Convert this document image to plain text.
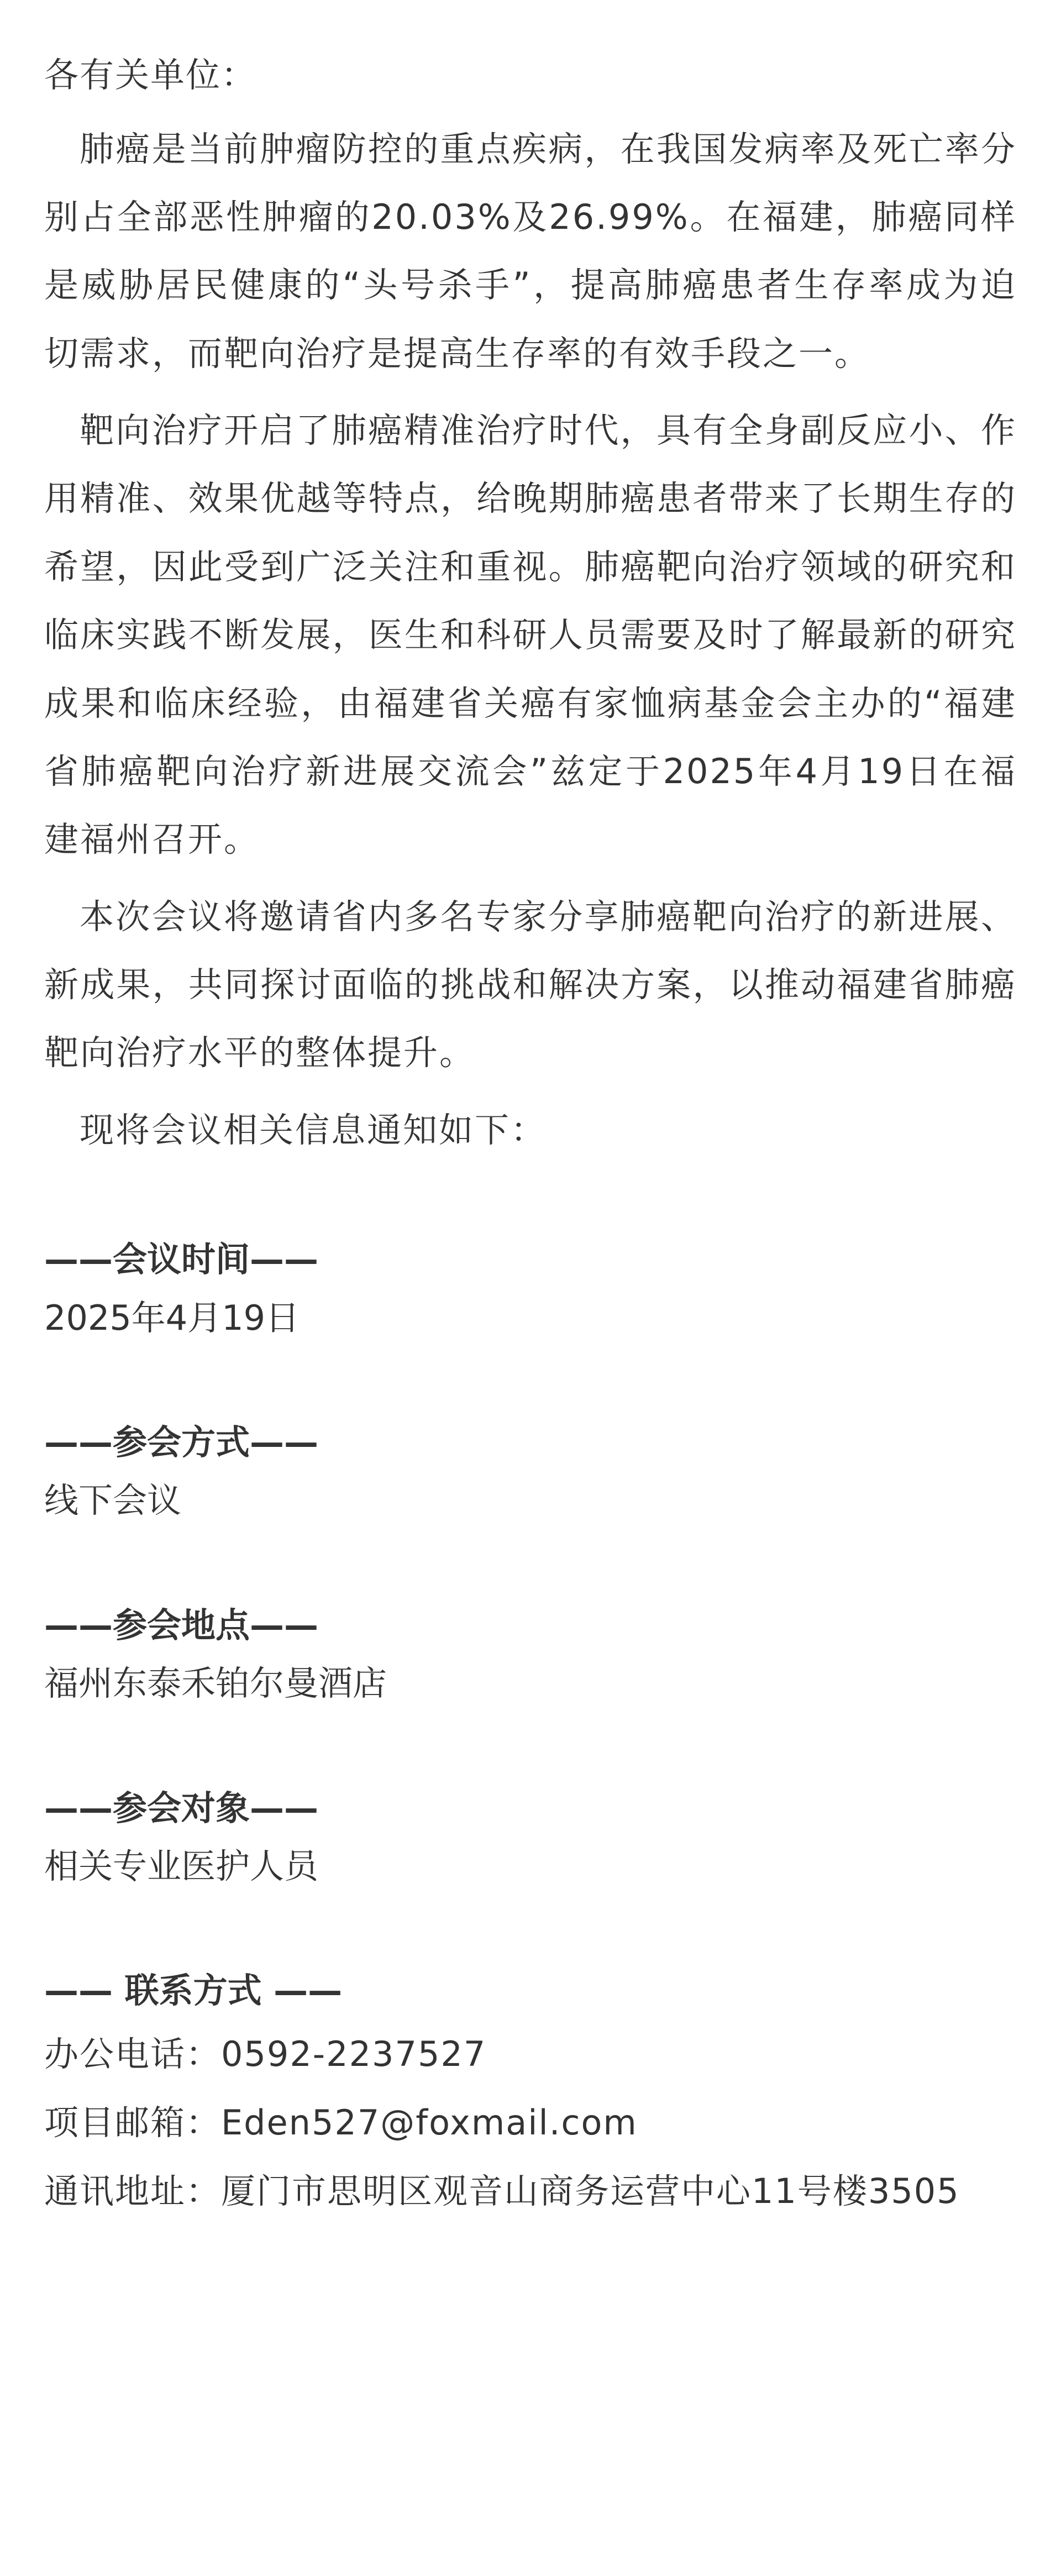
各有关单位：

肺癌是当前肿瘤防控的重点疾病，在我国发病率及死亡率分别占全部恶性肿瘤的20.03%及26.99%。在福建，肺癌同样是威胁居民健康的“头号杀手”，提高肺癌患者生存率成为迫切需求，而靶向治疗是提高生存率的有效手段之一。

靶向治疗开启了肺癌精准治疗时代，具有全身副反应小、作用精准、效果优越等特点，给晚期肺癌患者带来了长期生存的希望，因此受到广泛关注和重视。肺癌靶向治疗领域的研究和临床实践不断发展，医生和科研人员需要及时了解最新的研究成果和临床经验，由福建省关癌有家恤病基金会主办的“福建省肺癌靶向治疗新进展交流会”兹定于2025年4月19日在福建福州召开。

本次会议将邀请省内多名专家分享肺癌靶向治疗的新进展、新成果，共同探讨面临的挑战和解决方案，以推动福建省肺癌靶向治疗水平的整体提升。

现将会议相关信息通知如下：

——会议时间——

2025年4月19日

——参会方式——

线下会议

——参会地点——

福州东泰禾铂尔曼酒店

——参会对象——

相关专业医护人员

—— 联系方式 ——

办公电话：0592-2237527

项目邮箱：Eden527@foxmail.com

通讯地址：厦门市思明区观音山商务运营中心11号楼3505
